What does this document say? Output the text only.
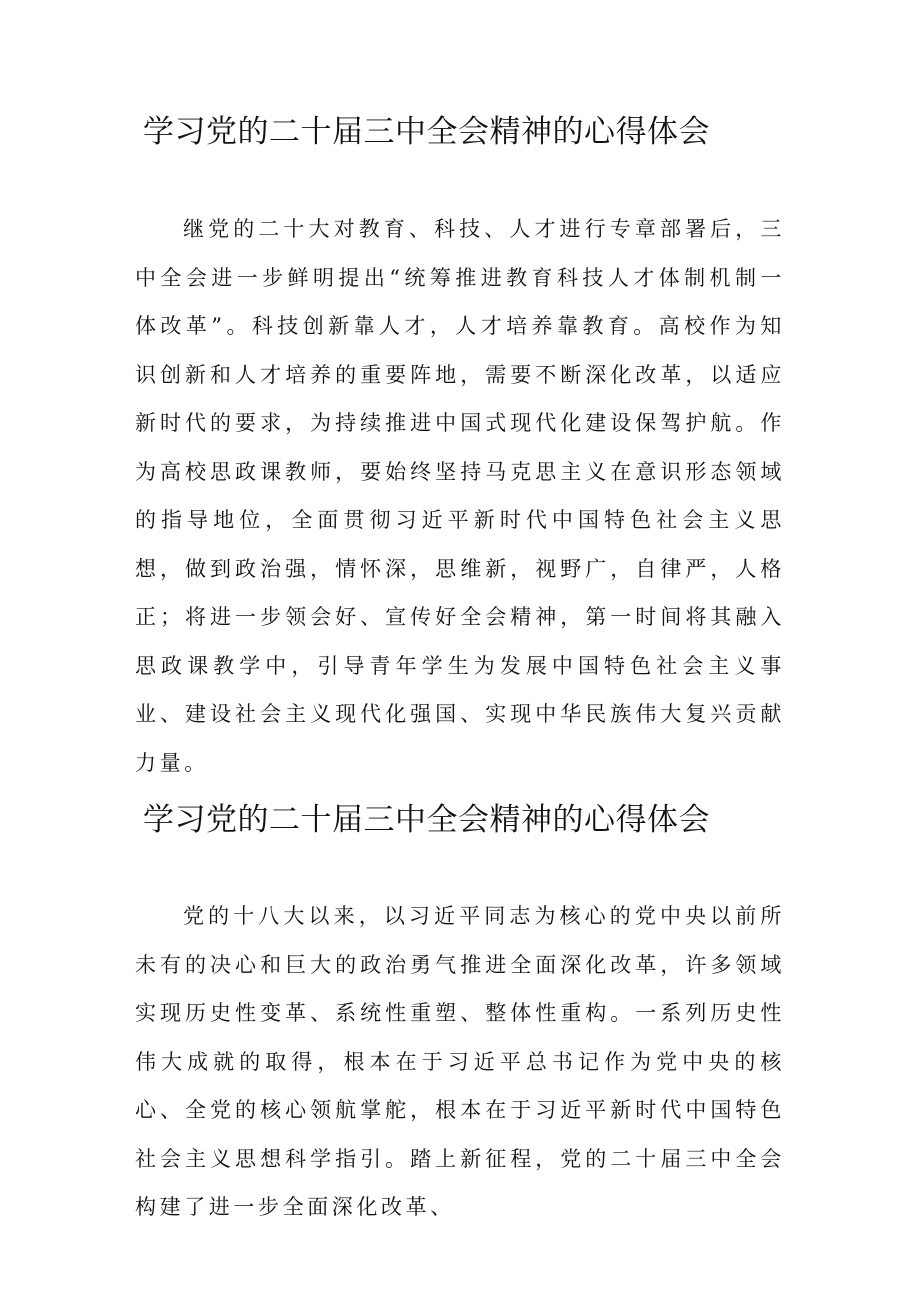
学习党的二十届三中全会精神的心得体会

继党的二十大对教育、科技、人才进行专章部署后，三中全会进一步鲜明提出“统筹推进教育科技人才体制机制一体改革”。科技创新靠人才，人才培养靠教育。高校作为知识创新和人才培养的重要阵地，需要不断深化改革，以适应新时代的要求，为持续推进中国式现代化建设保驾护航。作为高校思政课教师，要始终坚持马克思主义在意识形态领域的指导地位，全面贯彻习近平新时代中国特色社会主义思想，做到政治强，情怀深，思维新，视野广，自律严，人格正；将进一步领会好、宣传好全会精神，第一时间将其融入思政课教学中，引导青年学生为发展中国特色社会主义事业、建设社会主义现代化强国、实现中华民族伟大复兴贡献力量。

学习党的二十届三中全会精神的心得体会

党的十八大以来，以习近平同志为核心的党中央以前所未有的决心和巨大的政治勇气推进全面深化改革，许多领域实现历史性变革、系统性重塑、整体性重构。一系列历史性伟大成就的取得，根本在于习近平总书记作为党中央的核心、全党的核心领航掌舵，根本在于习近平新时代中国特色社会主义思想科学指引。踏上新征程，党的二十届三中全会构建了进一步全面深化改革、
